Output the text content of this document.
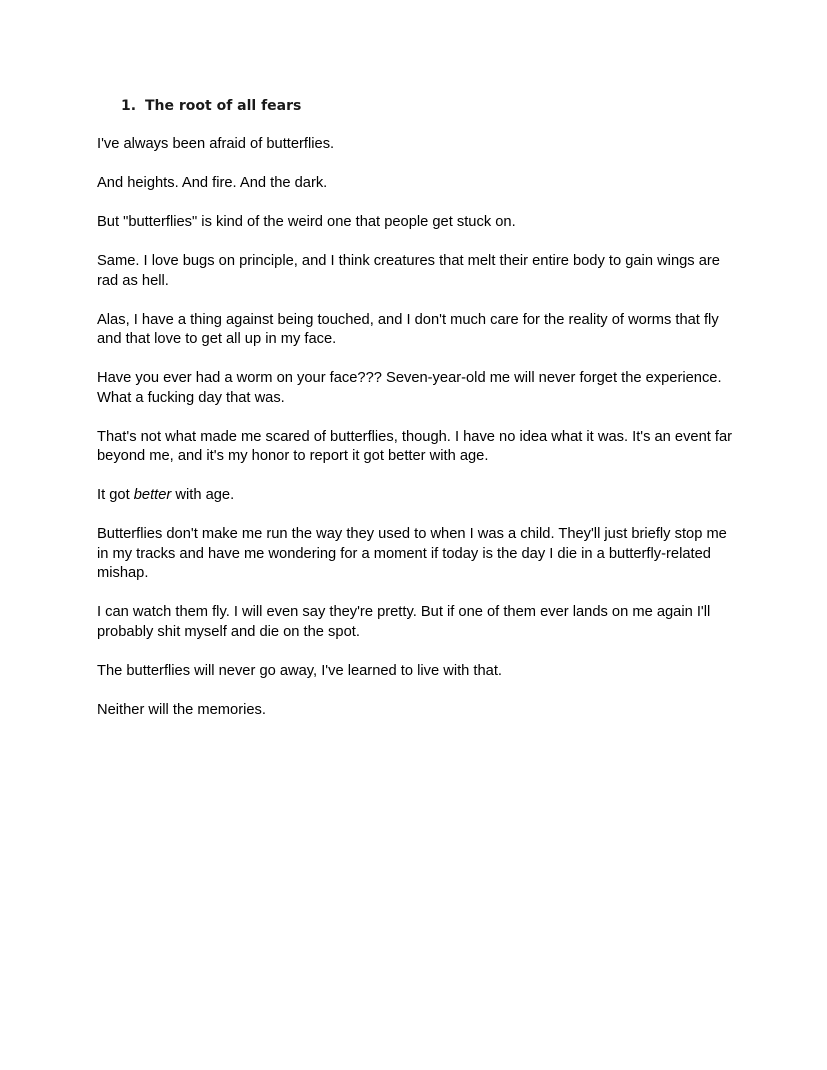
1. The root of all fears

I've always been afraid of butterflies.

And heights. And fire. And the dark.

But "butterflies" is kind of the weird one that people get stuck on.

Same. I love bugs on principle, and I think creatures that melt their entire body to gain wings are rad as hell.

Alas, I have a thing against being touched, and I don't much care for the reality of worms that fly and that love to get all up in my face.

Have you ever had a worm on your face??? Seven-year-old me will never forget the experience. What a fucking day that was.

That's not what made me scared of butterflies, though. I have no idea what it was. It's an event far beyond me, and it's my honor to report it got better with age.

It got better with age.

Butterflies don't make me run the way they used to when I was a child. They'll just briefly stop me in my tracks and have me wondering for a moment if today is the day I die in a butterfly-related mishap.

I can watch them fly. I will even say they're pretty. But if one of them ever lands on me again I'll probably shit myself and die on the spot.

The butterflies will never go away, I've learned to live with that.

Neither will the memories.
